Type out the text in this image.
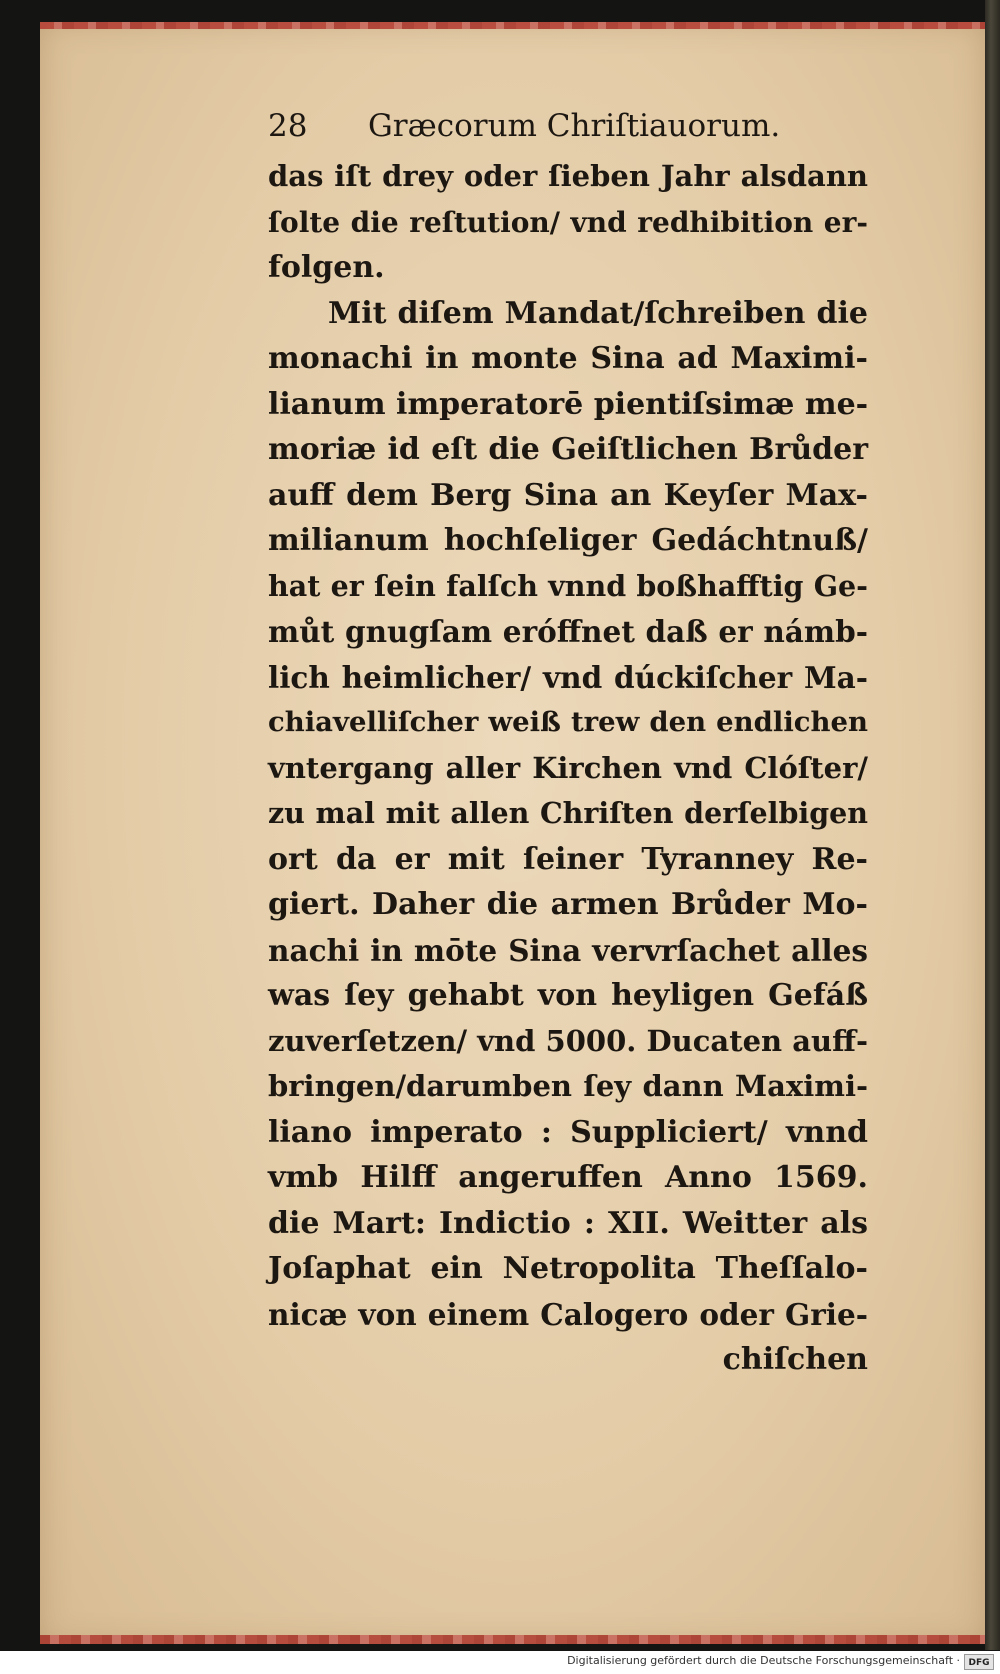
28 Græcorum Chriſtiauorum.
das iſt drey oder ſieben Jahr alsdann
ſolte die reſtution/ vnd redhibition er-
folgen.
Mit diſem Mandat/ſchreiben die
monachi in monte Sina ad Maximi-
lianum imperatorē pientiſsimæ me-
moriæ id eſt die Geiſtlichen Brůder
auff dem Berg Sina an Keyſer Max-
milianum hochſeliger Gedáchtnuß/
hat er ſein falſch vnnd boßhafftig Ge-
můt gnugſam eróffnet daß er námb-
lich heimlicher/ vnd dúckiſcher Ma-
chiavelliſcher weiß trew den endlichen
vntergang aller Kirchen vnd Clóſter/
zu mal mit allen Chriſten derſelbigen
ort da er mit ſeiner Tyranney Re-
giert. Daher die armen Brůder Mo-
nachi in mōte Sina vervrſachet alles
was ſey gehabt von heyligen Gefáß
zuverſetzen/ vnd 5000. Ducaten auff-
bringen/darumben ſey dann Maximi-
liano imperato : Suppliciert/ vnnd
vmb Hilff angeruffen Anno 1569.
die Mart: Indictio : XII. Weitter als
Joſaphat ein Netropolita Theſſalo-
nicæ von einem Calogero oder Grie-
chiſchen
Digitalisierung gefördert durch die Deutsche Forschungsgemeinschaft · DFG
